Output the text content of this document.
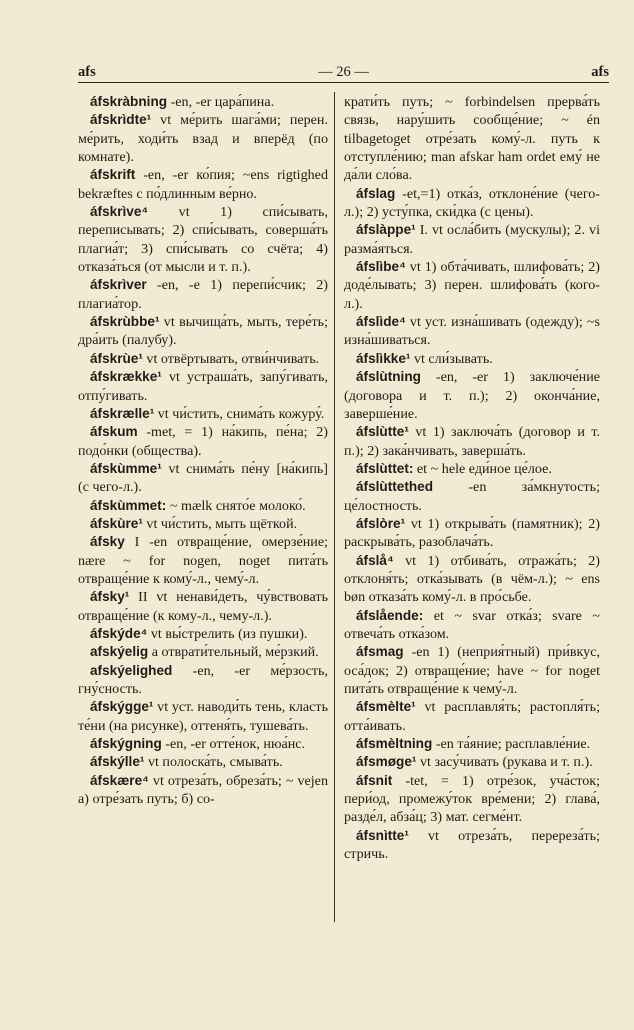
afs	— 26 —	afs

áfskràbning -en, -er цара́пина.

áfskrìdte¹ vt ме́рить шага́ми; перен. ме́рить, ходи́ть взад и вперёд (по комнате).

áfskrift -en, -er ко́пия; ~ens rigtighed bekræftes с по́длинным ве́рно.

áfskrìve⁴ vt 1) спи́сывать, переписывать; 2) спи́сывать, соверша́ть плагиа́т; 3) спи́сывать со счёта; 4) отказа́ться (от мысли и т. п.).

áfskrìver -en, -e 1) перепи́счик; 2) плагиа́тор.

áfskrùbbe¹ vt вычища́ть, мыть, тере́ть; дра́ить (палубу).

áfskrùe¹ vt отвёртывать, отви́нчивать.

áfskrække¹ vt устраша́ть, запу́гивать, отпу́гивать.

áfskrælle¹ vt чи́стить, снима́ть кожуру́.

áfskum -met, = 1) на́кипь, пе́на; 2) подо́нки (общества).

áfskùmme¹ vt снима́ть пе́ну [на́кипь] (с чего-л.).

áfskùmmet: ~ mælk снято́е молоко́.

áfskùre¹ vt чи́стить, мыть щёткой.

áfsky I -en отвраще́ние, омерзе́ние; nære ~ for nogen, noget пита́ть отвраще́ние к кому́-л., чему́-л.

áfsky¹ II vt ненави́деть, чу́вствовать отвраще́ние (к кому-л., чему-л.).

áfskýde⁴ vt вы́стрелить (из пушки).

afskýelig a отврати́тельный, ме́рзкий.

afskýelighed -en, -er ме́рзость, гну́сность.

áfskýgge¹ vt уст. наводи́ть тень, класть те́ни (на рисунке), оттеня́ть, тушева́ть.

áfskýgning -en, -er отте́нок, нюа́нс.

áfskýlle¹ vt полоска́ть, смыва́ть.

áfskære⁴ vt отреза́ть, обреза́ть; ~ vejen а) отре́зать путь; б) со-

крати́ть путь; ~ forbindelsen прерва́ть связь, нару́шить сообще́ние; ~ én tilbagetoget отре́зать кому́-л. путь к отступле́нию; man afskar ham ordet ему́ не да́ли сло́ва.

áfslag -et,=1) отка́з, отклоне́ние (чего-л.); 2) усту́пка, ски́дка (с цены).

áfslàppe¹ I. vt осла́бить (мускулы); 2. vi разма́яться.

áfslìbe⁴ vt 1) обта́чивать, шлифова́ть; 2) доде́лывать; 3) перен. шлифова́ть (кого-л.).

áfslìde⁴ vt уст. изна́шивать (одежду); ~s изна́шиваться.

áfslìkke¹ vt сли́зывать.

áfslùtning -en, -er 1) заключе́ние (договора и т. п.); 2) оконча́ние, заверше́ние.

áfslùtte¹ vt 1) заключа́ть (договор и т. п.); 2) зака́нчивать, заверша́ть.

áfslùttet: et ~ hele еди́ное це́лое.

áfslùttethed -en за́мкнутость; це́лостность.

áfslòre¹ vt 1) открыва́ть (памятник); 2) раскрыва́ть, разоблача́ть.

áfslå⁴ vt 1) отбива́ть, отража́ть; 2) отклоня́ть; отка́зывать (в чём-л.); ~ ens bøn отказа́ть кому́-л. в про́сьбе.

áfslående: et ~ svar отка́з; svare ~ отвеча́ть отка́зом.

áfsmag -en 1) (неприя́тный) при́вкус, оса́док; 2) отвраще́ние; have ~ for noget пита́ть отвраще́ние к чему́-л.

áfsmèlte¹ vt расплавля́ть; растопля́ть; отта́ивать.

áfsmèltning -en та́яние; расплавле́ние.

áfsmøge¹ vt засу́чивать (рукава и т. п.).

áfsnit -tet, = 1) отре́зок, уча́сток; пери́од, промежу́ток вре́мени; 2) глава́, разде́л, абза́ц; 3) мат. сегме́нт.

áfsnìtte¹ vt отреза́ть, перереза́ть; стричь.
